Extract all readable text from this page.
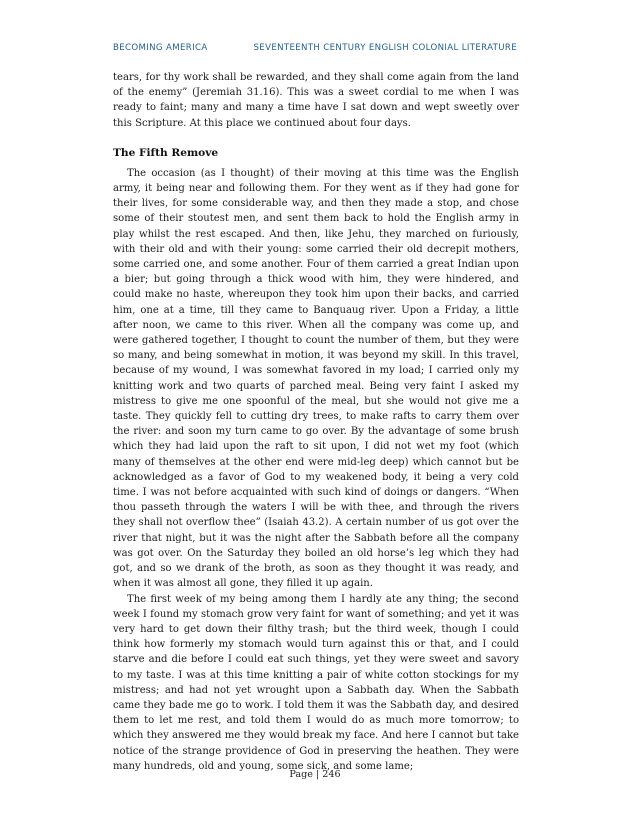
BECOMING AMERICA	SEVENTEENTH CENTURY ENGLISH COLONIAL LITERATURE

tears, for thy work shall be rewarded, and they shall come again from the land of the enemy” (Jeremiah 31.16). This was a sweet cordial to me when I was ready to faint; many and many a time have I sat down and wept sweetly over this Scripture. At this place we continued about four days.

The Fifth Remove

The occasion (as I thought) of their moving at this time was the English army, it being near and following them. For they went as if they had gone for their lives, for some considerable way, and then they made a stop, and chose some of their stoutest men, and sent them back to hold the English army in play whilst the rest escaped. And then, like Jehu, they marched on furiously, with their old and with their young: some carried their old decrepit mothers, some carried one, and some another. Four of them carried a great Indian upon a bier; but going through a thick wood with him, they were hindered, and could make no haste, whereupon they took him upon their backs, and carried him, one at a time, till they came to Banquaug river. Upon a Friday, a little after noon, we came to this river. When all the company was come up, and were gathered together, I thought to count the number of them, but they were so many, and being somewhat in motion, it was beyond my skill. In this travel, because of my wound, I was somewhat favored in my load; I carried only my knitting work and two quarts of parched meal. Being very faint I asked my mistress to give me one spoonful of the meal, but she would not give me a taste. They quickly fell to cutting dry trees, to make rafts to carry them over the river: and soon my turn came to go over. By the advantage of some brush which they had laid upon the raft to sit upon, I did not wet my foot (which many of themselves at the other end were mid-leg deep) which cannot but be acknowledged as a favor of God to my weakened body, it being a very cold time. I was not before acquainted with such kind of doings or dangers. “When thou passeth through the waters I will be with thee, and through the rivers they shall not overflow thee” (Isaiah 43.2). A certain number of us got over the river that night, but it was the night after the Sabbath before all the company was got over. On the Saturday they boiled an old horse’s leg which they had got, and so we drank of the broth, as soon as they thought it was ready, and when it was almost all gone, they filled it up again.

The first week of my being among them I hardly ate any thing; the second week I found my stomach grow very faint for want of something; and yet it was very hard to get down their filthy trash; but the third week, though I could think how formerly my stomach would turn against this or that, and I could starve and die before I could eat such things, yet they were sweet and savory to my taste. I was at this time knitting a pair of white cotton stockings for my mistress; and had not yet wrought upon a Sabbath day. When the Sabbath came they bade me go to work. I told them it was the Sabbath day, and desired them to let me rest, and told them I would do as much more tomorrow; to which they answered me they would break my face. And here I cannot but take notice of the strange providence of God in preserving the heathen. They were many hundreds, old and young, some sick, and some lame;

Page | 246
